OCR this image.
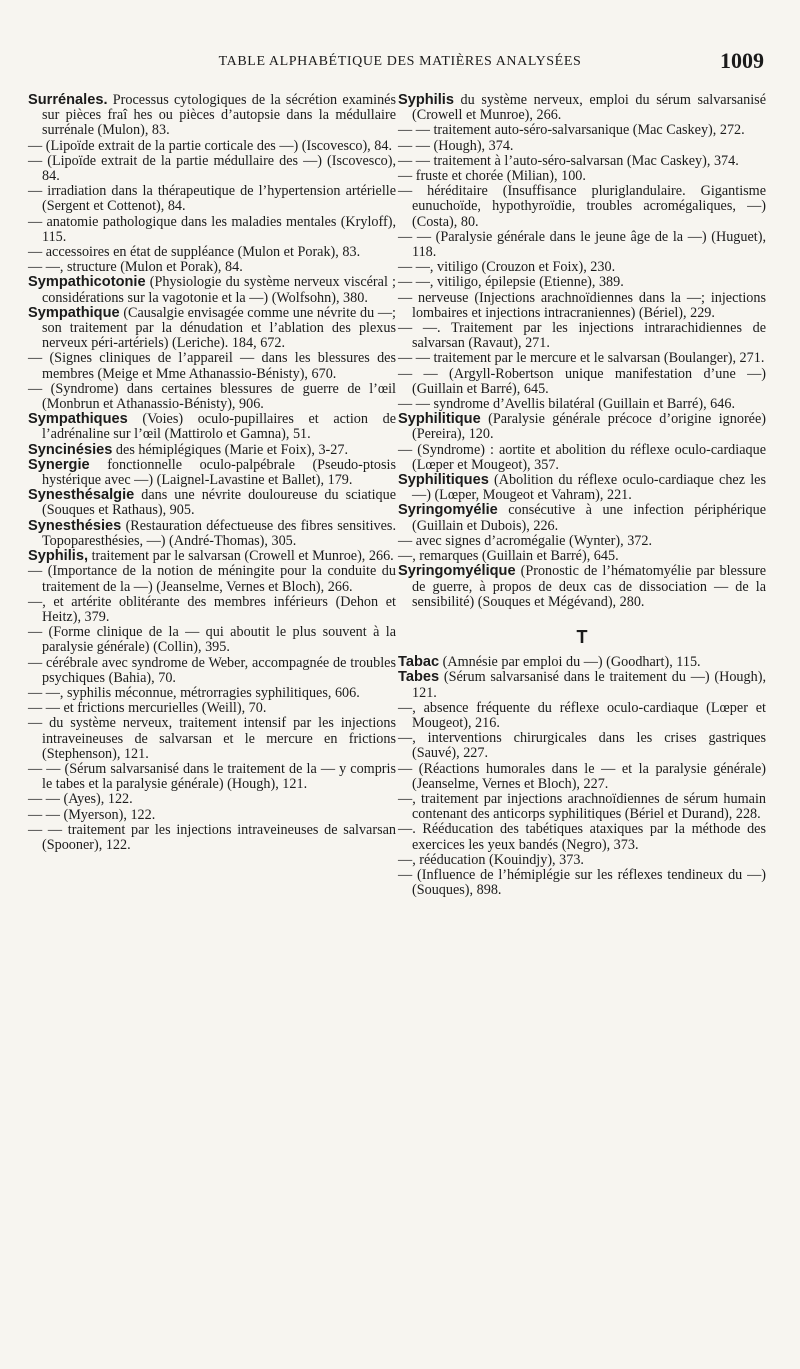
TABLE ALPHABÉTIQUE DES MATIÈRES ANALYSÉES	1009
Surrénales. Processus cytologiques de la sécrétion examinés sur pièces fraî hes ou pièces d’autopsie dans la médullaire surrénale (Mulon), 83.
— (Lipoïde extrait de la partie corticale des —) (Iscovesco), 84.
— (Lipoïde extrait de la partie médullaire des —) (Iscovesco), 84.
— irradiation dans la thérapeutique de l’hypertension artérielle (Sergent et Cottenot), 84.
— anatomie pathologique dans les maladies mentales (Kryloff), 115.
— accessoires en état de suppléance (Mulon et Porak), 83.
— —, structure (Mulon et Porak), 84.
Sympathicotonie (Physiologie du système nerveux viscéral ; considérations sur la vagotonie et la —) (Wolfsohn), 380.
Sympathique (Causalgie envisagée comme une névrite du —; son traitement par la dénudation et l’ablation des plexus nerveux péri-artériels) (Leriche). 184, 672.
— (Signes cliniques de l’appareil — dans les blessures des membres (Meige et Mme Athanassio-Bénisty), 670.
— (Syndrome) dans certaines blessures de guerre de l’œil (Monbrun et Athanassio-Bénisty), 906.
Sympathiques (Voies) oculo-pupillaires et action de l’adrénaline sur l’œil (Mattirolo et Gamna), 51.
Syncinésies des hémiplégiques (Marie et Foix), 3-27.
Synergie fonctionnelle oculo-palpébrale (Pseudo-ptosis hystérique avec —) (Laignel-Lavastine et Ballet), 179.
Synesthésalgie dans une névrite douloureuse du sciatique (Souques et Rathaus), 905.
Synesthésies (Restauration défectueuse des fibres sensitives. Topoparesthésies, —) (André-Thomas), 305.
Syphilis, traitement par le salvarsan (Crowell et Munroe), 266.
— (Importance de la notion de méningite pour la conduite du traitement de la —) (Jeanselme, Vernes et Bloch), 266.
—, et artérite oblitérante des membres inférieurs (Dehon et Heitz), 379.
— (Forme clinique de la — qui aboutit le plus souvent à la paralysie générale) (Collin), 395.
— cérébrale avec syndrome de Weber, accompagnée de troubles psychiques (Bahia), 70.
— —, syphilis méconnue, métrorragies syphilitiques, 606.
— — et frictions mercurielles (Weill), 70.
— du système nerveux, traitement intensif par les injections intraveineuses de salvarsan et le mercure en frictions (Stephenson), 121.
— — (Sérum salvarsanisé dans le traitement de la — y compris le tabes et la paralysie générale) (Hough), 121.
— — (Ayes), 122.
— — (Myerson), 122.
— — traitement par les injections intraveineuses de salvarsan (Spooner), 122.
Syphilis du système nerveux, emploi du sérum salvarsanisé (Crowell et Munroe), 266.
— — traitement auto-séro-salvarsanique (Mac Caskey), 272.
— — (Hough), 374.
— — traitement à l’auto-séro-salvarsan (Mac Caskey), 374.
— fruste et chorée (Milian), 100.
— héréditaire (Insuffisance pluriglandulaire. Gigantisme eunuchoïde, hypothyroïdie, troubles acromégaliques, —) (Costa), 80.
— — (Paralysie générale dans le jeune âge de la —) (Huguet), 118.
— —, vitiligo (Crouzon et Foix), 230.
— —, vitiligo, épilepsie (Etienne), 389.
— nerveuse (Injections arachnoïdiennes dans la —; injections lombaires et injections intracraniennes) (Bériel), 229.
— —. Traitement par les injections intrarachidiennes de salvarsan (Ravaut), 271.
— — traitement par le mercure et le salvarsan (Boulanger), 271.
— — (Argyll-Robertson unique manifestation d’une —) (Guillain et Barré), 645.
— — syndrome d’Avellis bilatéral (Guillain et Barré), 646.
Syphilitique (Paralysie générale précoce d’origine ignorée) (Pereira), 120.
— (Syndrome) : aortite et abolition du réflexe oculo-cardiaque (Lœper et Mougeot), 357.
Syphilitiques (Abolition du réflexe oculo-cardiaque chez les —) (Lœper, Mougeot et Vahram), 221.
Syringomyélie consécutive à une infection périphérique (Guillain et Dubois), 226.
— avec signes d’acromégalie (Wynter), 372.
—, remarques (Guillain et Barré), 645.
Syringomyélique (Pronostic de l’hématomyélie par blessure de guerre, à propos de deux cas de dissociation — de la sensibilité) (Souques et Mégévand), 280.
T
Tabac (Amnésie par emploi du —) (Goodhart), 115.
Tabes (Sérum salvarsanisé dans le traitement du —) (Hough), 121.
—, absence fréquente du réflexe oculo-cardiaque (Lœper et Mougeot), 216.
—, interventions chirurgicales dans les crises gastriques (Sauvé), 227.
— (Réactions humorales dans le — et la paralysie générale) (Jeanselme, Vernes et Bloch), 227.
—, traitement par injections arachnoïdiennes de sérum humain contenant des anticorps syphilitiques (Bériel et Durand), 228.
—. Rééducation des tabétiques ataxiques par la méthode des exercices les yeux bandés (Negro), 373.
—, rééducation (Kouindjy), 373.
— (Influence de l’hémiplégie sur les réflexes tendineux du —) (Souques), 898.
